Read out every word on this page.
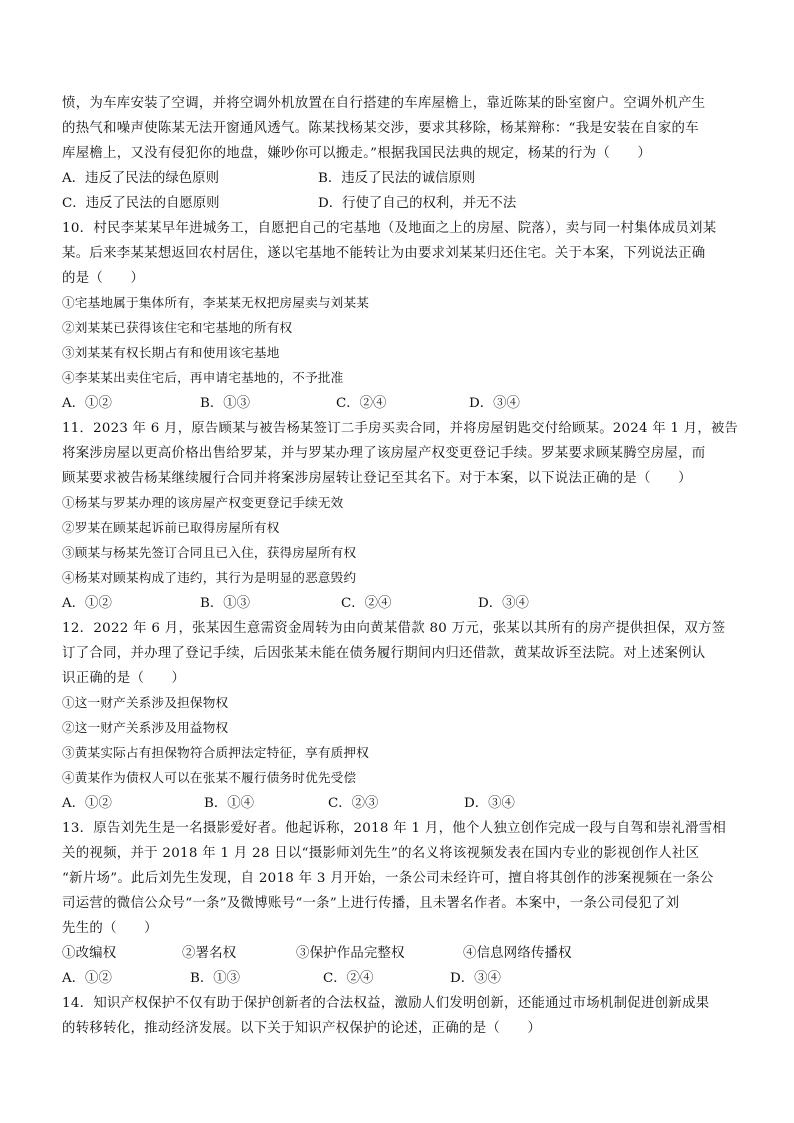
愤，为车库安装了空调，并将空调外机放置在自行搭建的车库屋檐上，靠近陈某的卧室窗户。空调外机产生
的热气和噪声使陈某无法开窗通风透气。陈某找杨某交涉，要求其移除，杨某辩称：“我是安装在自家的车
库屋檐上，又没有侵犯你的地盘，嫌吵你可以搬走。”根据我国民法典的规定，杨某的行为（　　）
A．违反了民法的绿色原则	B．违反了民法的诚信原则
C．违反了民法的自愿原则	D．行使了自己的权利，并无不法
10．村民李某某早年进城务工，自愿把自己的宅基地（及地面之上的房屋、院落），卖与同一村集体成员刘某
某。后来李某某想返回农村居住，遂以宅基地不能转让为由要求刘某某归还住宅。关于本案，下列说法正确
的是（　　）
①宅基地属于集体所有，李某某无权把房屋卖与刘某某
②刘某某已获得该住宅和宅基地的所有权
③刘某某有权长期占有和使用该宅基地
④李某某出卖住宅后，再申请宅基地的，不予批准
A．①②	B．①③	C．②④	D．③④
11．2023 年 6 月，原告顾某与被告杨某签订二手房买卖合同，并将房屋钥匙交付给顾某。2024 年 1 月，被告
将案涉房屋以更高价格出售给罗某，并与罗某办理了该房屋产权变更登记手续。罗某要求顾某腾空房屋，而
顾某要求被告杨某继续履行合同并将案涉房屋转让登记至其名下。对于本案，以下说法正确的是（　　）
①杨某与罗某办理的该房屋产权变更登记手续无效
②罗某在顾某起诉前已取得房屋所有权
③顾某与杨某先签订合同且已入住，获得房屋所有权
④杨某对顾某构成了违约，其行为是明显的恶意毁约
A．①②	B．①③	C．②④	D．③④
12．2022 年 6 月，张某因生意需资金周转为由向黄某借款 80 万元，张某以其所有的房产提供担保，双方签
订了合同，并办理了登记手续，后因张某未能在债务履行期间内归还借款，黄某故诉至法院。对上述案例认
识正确的是（　　）
①这一财产关系涉及担保物权
②这一财产关系涉及用益物权
③黄某实际占有担保物符合质押法定特征，享有质押权
④黄某作为债权人可以在张某不履行债务时优先受偿
A．①②	B．①④	C．②③	D．③④
13．原告刘先生是一名摄影爱好者。他起诉称，2018 年 1 月，他个人独立创作完成一段与自驾和崇礼滑雪相
关的视频，并于 2018 年 1 月 28 日以“摄影师刘先生”的名义将该视频发表在国内专业的影视创作人社区
“新片场”。此后刘先生发现，自 2018 年 3 月开始，一条公司未经许可，擅自将其创作的涉案视频在一条公
司运营的微信公众号“一条”及微博账号“一条”上进行传播，且未署名作者。本案中，一条公司侵犯了刘
先生的（　　）
①改编权	②署名权	③保护作品完整权	④信息网络传播权
A．①②	B．①③	C．②④	D．③④
14．知识产权保护不仅有助于保护创新者的合法权益，激励人们发明创新，还能通过市场机制促进创新成果
的转移转化，推动经济发展。以下关于知识产权保护的论述，正确的是（　　）
